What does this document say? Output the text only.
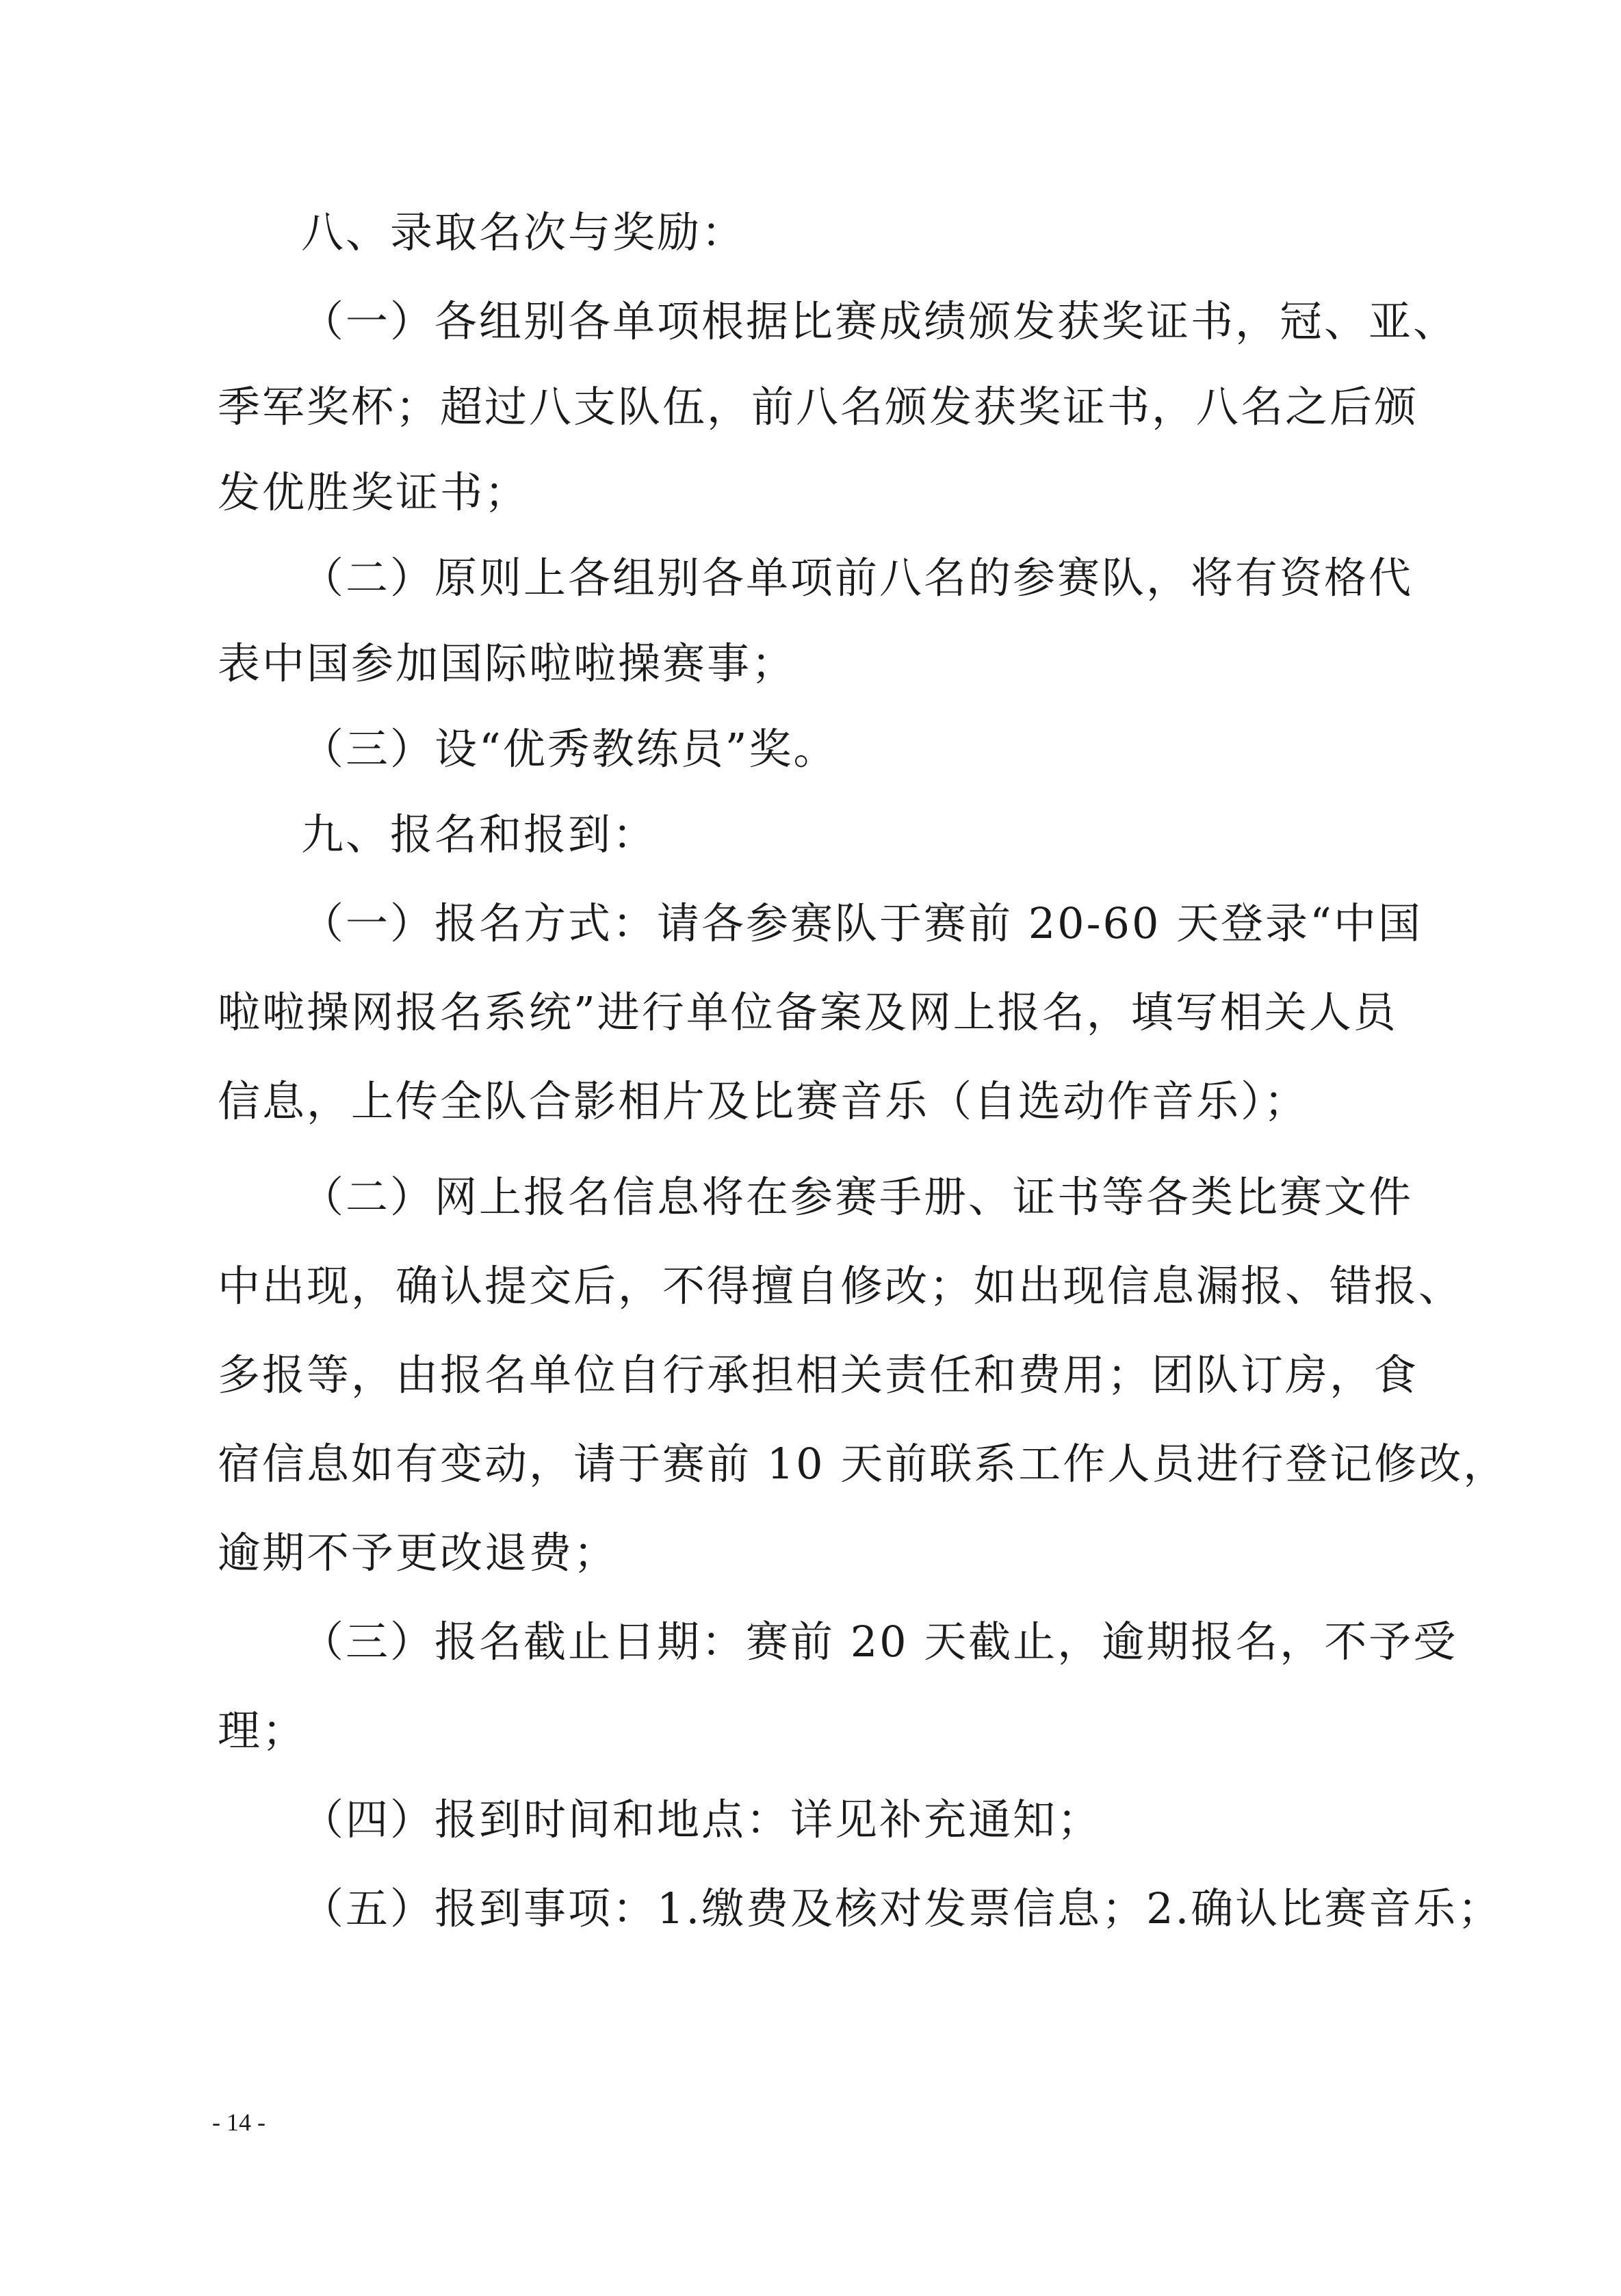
八、录取名次与奖励：
（一）各组别各单项根据比赛成绩颁发获奖证书，冠、亚、
季军奖杯；超过八支队伍，前八名颁发获奖证书，八名之后颁
发优胜奖证书；
（二）原则上各组别各单项前八名的参赛队，将有资格代
表中国参加国际啦啦操赛事；
（三）设“优秀教练员”奖。
九、报名和报到：
（一）报名方式：请各参赛队于赛前 20-60 天登录“中国
啦啦操网报名系统”进行单位备案及网上报名，填写相关人员
信息，上传全队合影相片及比赛音乐（自选动作音乐）；
（二）网上报名信息将在参赛手册、证书等各类比赛文件
中出现，确认提交后，不得擅自修改；如出现信息漏报、错报、
多报等，由报名单位自行承担相关责任和费用；团队订房，食
宿信息如有变动，请于赛前 10 天前联系工作人员进行登记修改，
逾期不予更改退费；
（三）报名截止日期：赛前 20 天截止，逾期报名，不予受
理；
（四）报到时间和地点：详见补充通知；
（五）报到事项：1.缴费及核对发票信息；2.确认比赛音乐；
- 14 -
